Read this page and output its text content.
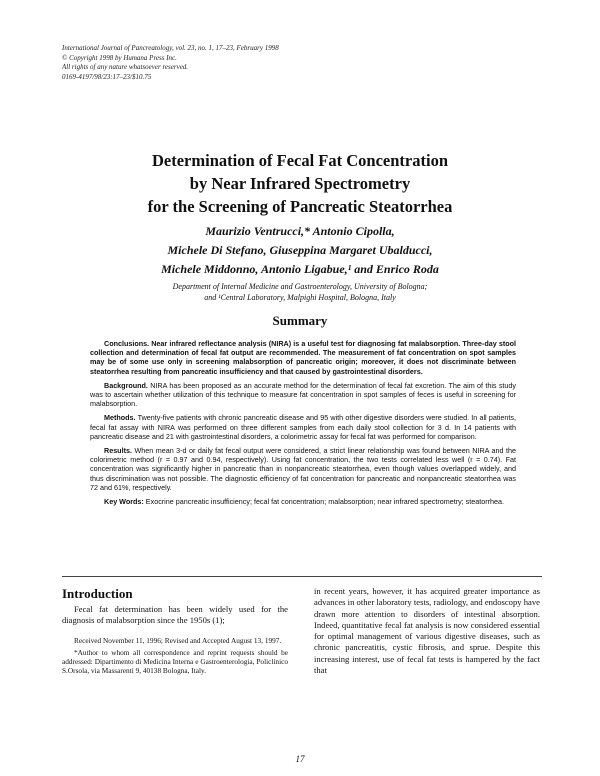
International Journal of Pancreatology, vol. 23, no. 1, 17–23, February 1998
© Copyright 1998 by Humana Press Inc.
All rights of any nature whatsoever reserved.
0169-4197/98/23:17–23/$10.75
Determination of Fecal Fat Concentration
by Near Infrared Spectrometry
for the Screening of Pancreatic Steatorrhea
Maurizio Ventrucci,* Antonio Cipolla,
Michele Di Stefano, Giuseppina Margaret Ubalducci,
Michele Middonno, Antonio Ligabue,¹ and Enrico Roda
Department of Internal Medicine and Gastroenterology, University of Bologna;
and ¹Central Laboratory, Malpighi Hospital, Bologna, Italy
Summary

Conclusions. Near infrared reflectance analysis (NIRA) is a useful test for diagnosing fat malabsorption. Three-day stool collection and determination of fecal fat output are recommended. The measurement of fat concentration on spot samples may be of some use only in screening malabsorption of pancreatic origin; moreover, it does not discriminate between steatorrhea resulting from pancreatic insufficiency and that caused by gastrointestinal disorders.

Background. NIRA has been proposed as an accurate method for the determination of fecal fat excretion. The aim of this study was to ascertain whether utilization of this technique to measure fat concentration in spot samples of feces is useful in screening for malabsorption.

Methods. Twenty-five patients with chronic pancreatic disease and 95 with other digestive disorders were studied. In all patients, fecal fat assay with NIRA was performed on three different samples from each daily stool collection for 3 d. In 14 patients with pancreatic disease and 21 with gastrointestinal disorders, a colorimetric assay for fecal fat was performed for comparison.

Results. When mean 3-d or daily fat fecal output were considered, a strict linear relationship was found between NIRA and the colorimetric method (r = 0.97 and 0.94, respectively). Using fat concentration, the two tests correlated less well (r = 0.74). Fat concentration was significantly higher in pancreatic than in nonpancreatic steatorrhea, even though values overlapped widely, and thus discrimination was not possible. The diagnostic efficiency of fat concentration for pancreatic and nonpancreatic steatorrhea was 72 and 61%, respectively.

Key Words: Exocrine pancreatic insufficiency; fecal fat concentration; malabsorption; near infrared spectrometry; steatorrhea.

Introduction

Fecal fat determination has been widely used for the diagnosis of malabsorption since the 1950s (1);

Received November 11, 1996; Revised and Accepted August 13, 1997.

*Author to whom all correspondence and reprint requests should be addressed: Dipartimento di Medicina Interna e Gastroenterologia, Policlinico S.Orsola, via Massarenti 9, 40138 Bologna, Italy.

in recent years, however, it has acquired greater importance as advances in other laboratory tests, radiology, and endoscopy have drawn more attention to disorders of intestinal absorption. Indeed, quantitative fecal fat analysis is now considered essential for optimal management of various digestive diseases, such as chronic pancreatitis, cystic fibrosis, and sprue. Despite this increasing interest, use of fecal fat tests is hampered by the fact that

17
